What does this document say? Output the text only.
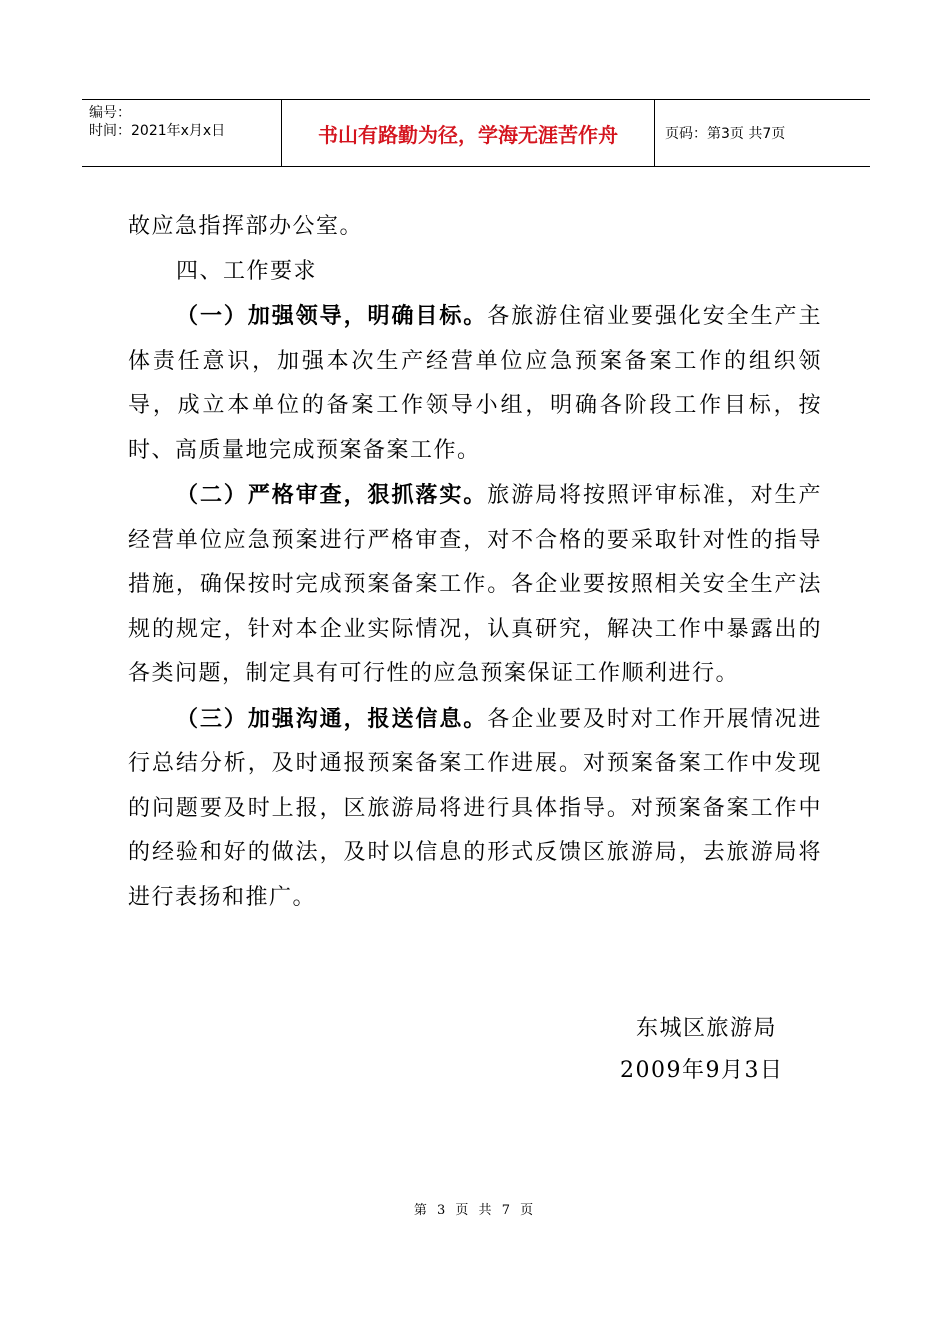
编号：
时间：2021年x月x日	书山有路勤为径，学海无涯苦作舟	页码：第3页 共7页

故应急指挥部办公室。

四、工作要求

（一）加强领导，明确目标。各旅游住宿业要强化安全生产主体责任意识，加强本次生产经营单位应急预案备案工作的组织领导，成立本单位的备案工作领导小组，明确各阶段工作目标，按时、高质量地完成预案备案工作。

（二）严格审查，狠抓落实。旅游局将按照评审标准，对生产经营单位应急预案进行严格审查，对不合格的要采取针对性的指导措施，确保按时完成预案备案工作。各企业要按照相关安全生产法规的规定，针对本企业实际情况，认真研究，解决工作中暴露出的各类问题，制定具有可行性的应急预案保证工作顺利进行。

（三）加强沟通，报送信息。各企业要及时对工作开展情况进行总结分析，及时通报预案备案工作进展。对预案备案工作中发现的问题要及时上报，区旅游局将进行具体指导。对预案备案工作中的经验和好的做法，及时以信息的形式反馈区旅游局，去旅游局将进行表扬和推广。

东城区旅游局
2009年9月3日
第 3 页 共 7 页
